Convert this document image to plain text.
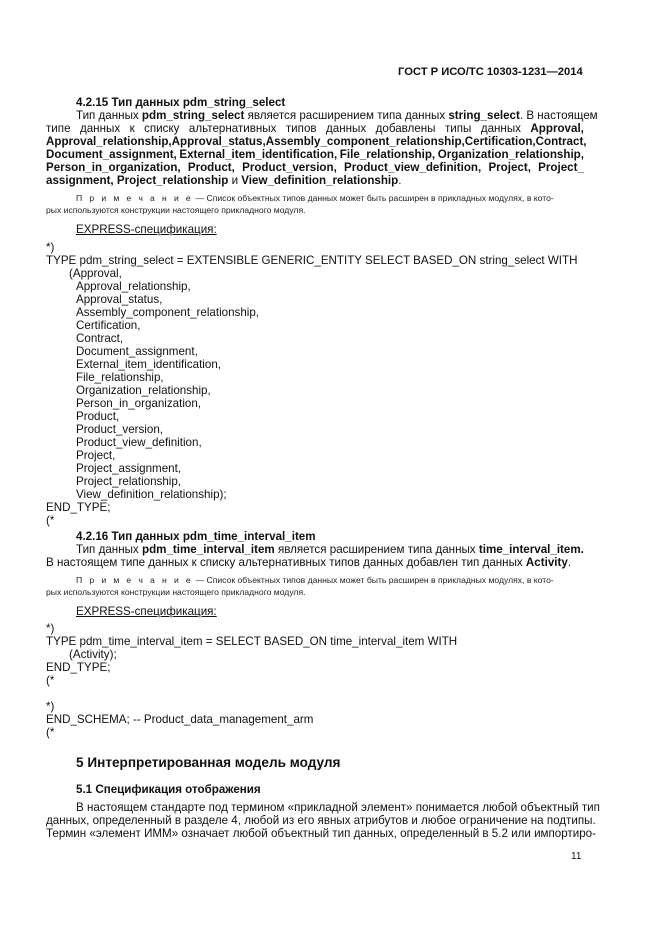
ГОСТ Р ИСО/ТС 10303-1231—2014
4.2.15 Тип данных pdm_string_select
Тип данных pdm_string_select является расширением типа данных string_select. В настоящем
типе данных к списку альтернативных типов данных добавлены типы данных Approval,
Approval_relationship, Approval_status, Assembly_component_relationship, Certification, Contract,
Document_assignment, External_item_identification, File_relationship, Organization_relationship,
Person_in_organization, Product, Product_version, Product_view_definition, Project, Project_
assignment, Project_relationship и View_definition_relationship.
П р и м е ч а н и е — Список объектных типов данных может быть расширен в прикладных модулях, в кото-
рых используются конструкции настоящего прикладного модуля.
EXPRESS-спецификация:
*)
TYPE pdm_string_select = EXTENSIBLE GENERIC_ENTITY SELECT BASED_ON string_select WITH
(Approval,
Approval_relationship,
Approval_status,
Assembly_component_relationship,
Certification,
Contract,
Document_assignment,
External_item_identification,
File_relationship,
Organization_relationship,
Person_in_organization,
Product,
Product_version,
Product_view_definition,
Project,
Project_assignment,
Project_relationship,
View_definition_relationship);
END_TYPE;
(*
4.2.16 Тип данных pdm_time_interval_item
Тип данных pdm_time_interval_item является расширением типа данных time_interval_item.
В настоящем типе данных к списку альтернативных типов данных добавлен тип данных Activity.
П р и м е ч а н и е — Список объектных типов данных может быть расширен в прикладных модулях, в кото-
рых используются конструкции настоящего прикладного модуля.
EXPRESS-спецификация:
*)
TYPE pdm_time_interval_item = SELECT BASED_ON time_interval_item WITH
(Activity);
END_TYPE;
(*
*)
END_SCHEMA; -- Product_data_management_arm
(*
5 Интерпретированная модель модуля
5.1 Спецификация отображения
В настоящем стандарте под термином «прикладной элемент» понимается любой объектный тип
данных, определенный в разделе 4, любой из его явных атрибутов и любое ограничение на подтипы.
Термин «элемент ИММ» означает любой объектный тип данных, определенный в 5.2 или импортиро-
11
